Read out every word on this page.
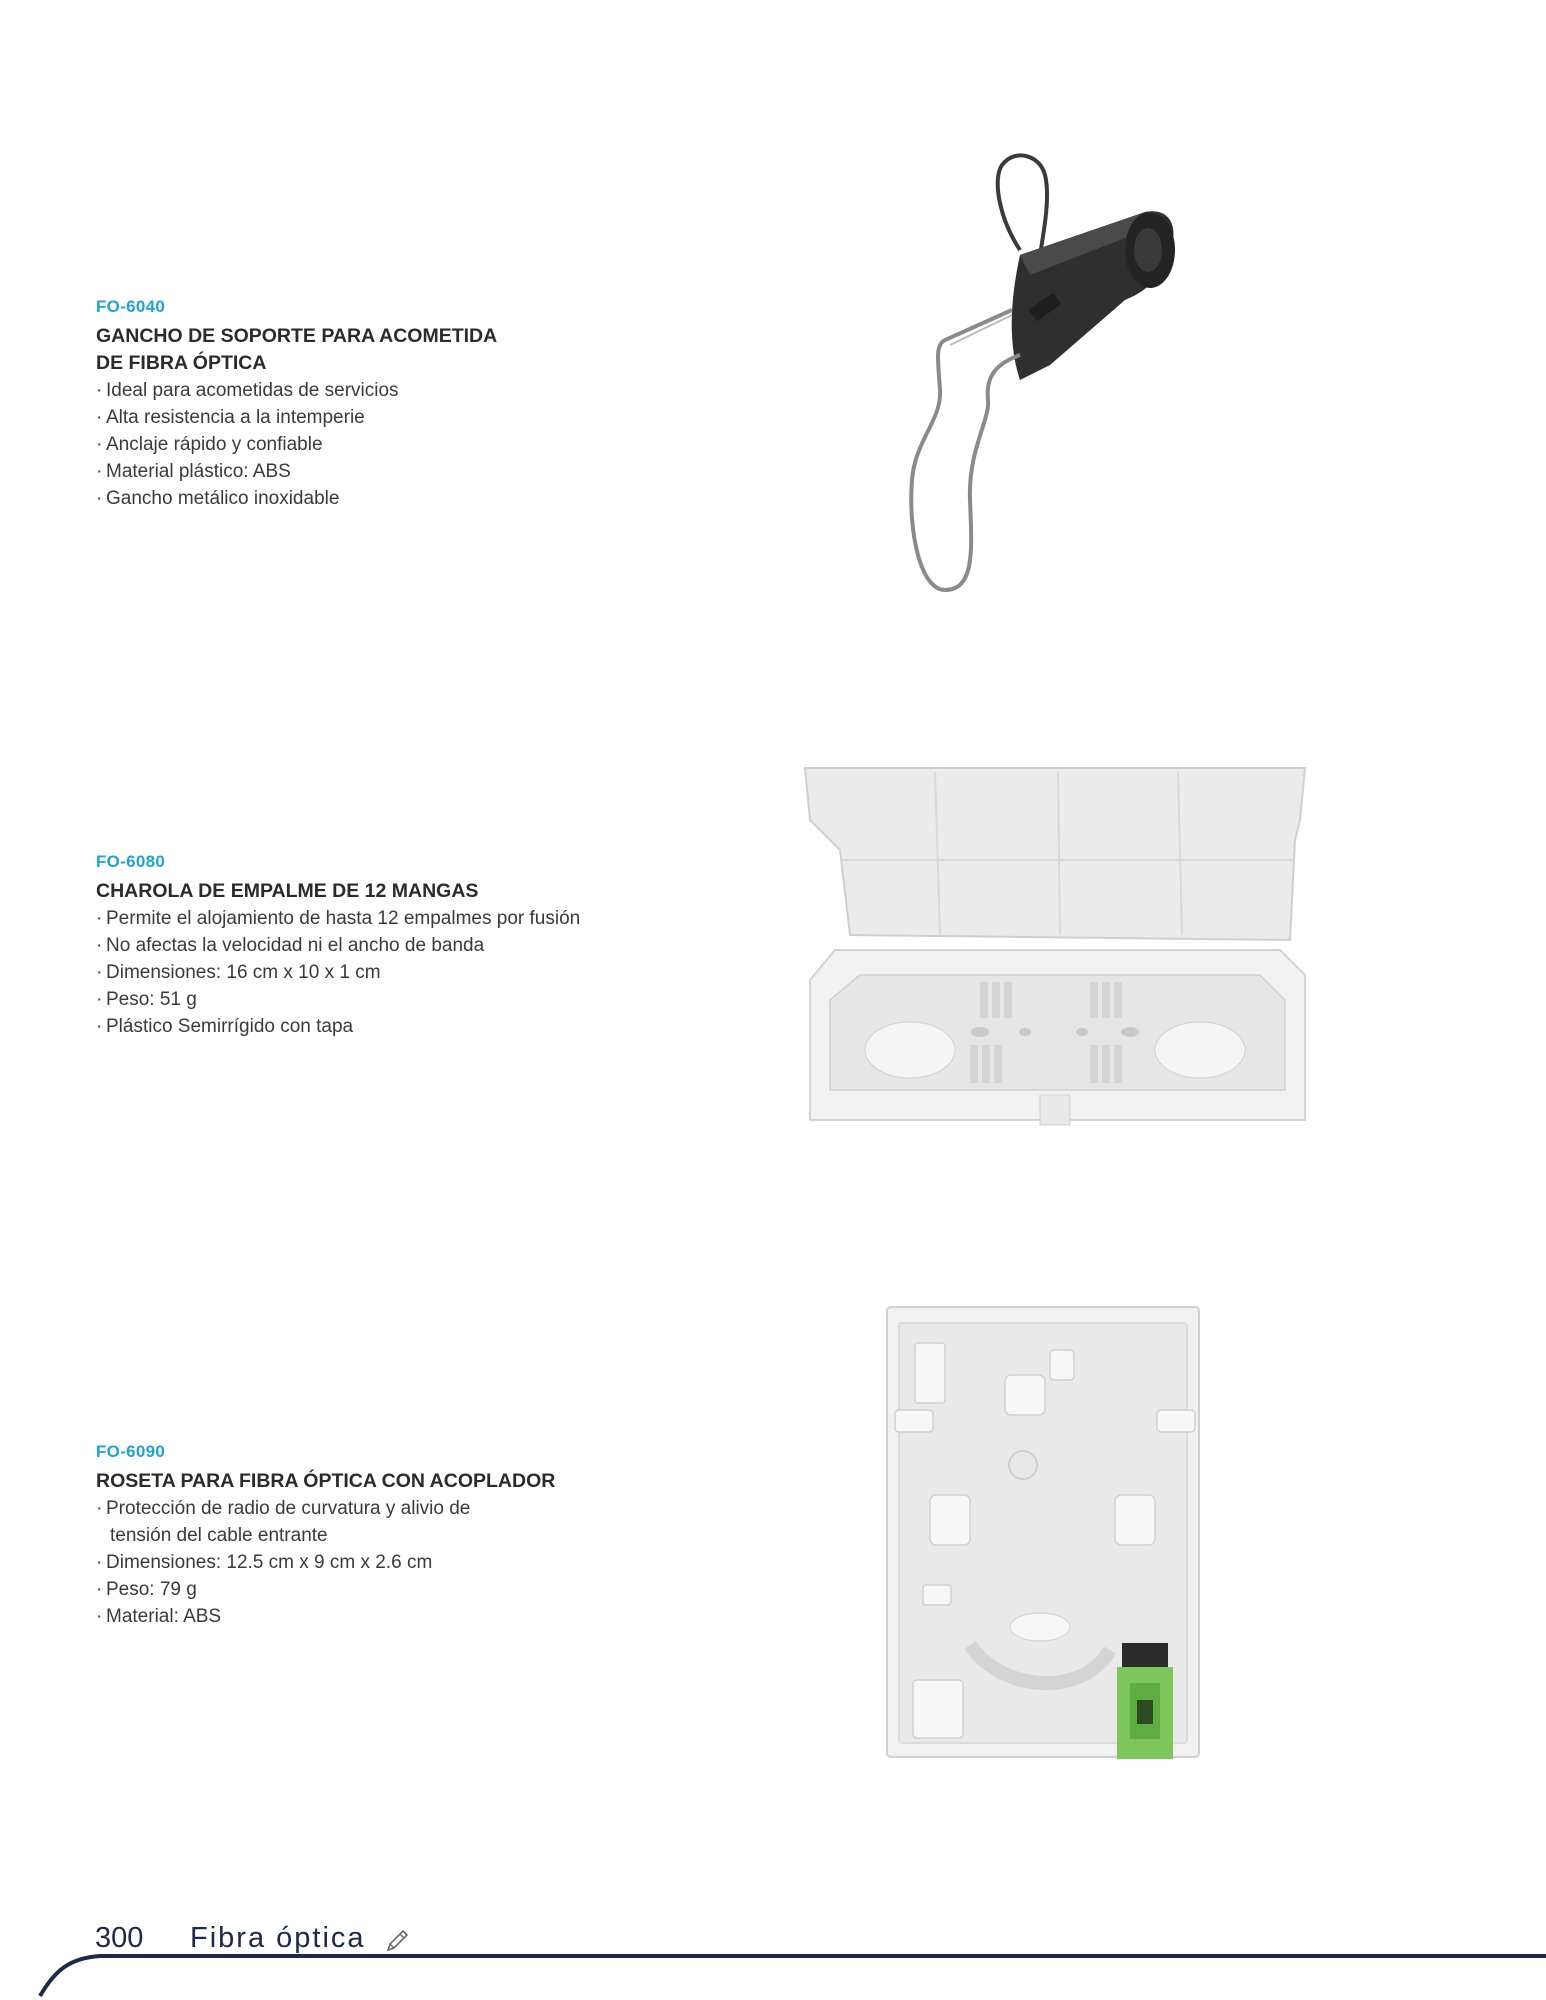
FO-6040
GANCHO DE SOPORTE PARA ACOMETIDA
DE FIBRA ÓPTICA
· Ideal para acometidas de servicios
· Alta resistencia a la intemperie
· Anclaje rápido y confiable
· Material plástico: ABS
· Gancho metálico inoxidable
FO-6080
CHAROLA DE EMPALME DE 12 MANGAS
· Permite el alojamiento de hasta 12 empalmes por fusión
· No afectas la velocidad ni el ancho de banda
· Dimensiones: 16 cm x 10 x 1 cm
· Peso: 51 g
· Plástico Semirrígido con tapa
FO-6090
ROSETA PARA FIBRA ÓPTICA CON ACOPLADOR
· Protección de radio de curvatura y alivio de
tensión del cable entrante
· Dimensiones: 12.5 cm x 9 cm x 2.6 cm
· Peso: 79 g
· Material: ABS
300 Fibra óptica
